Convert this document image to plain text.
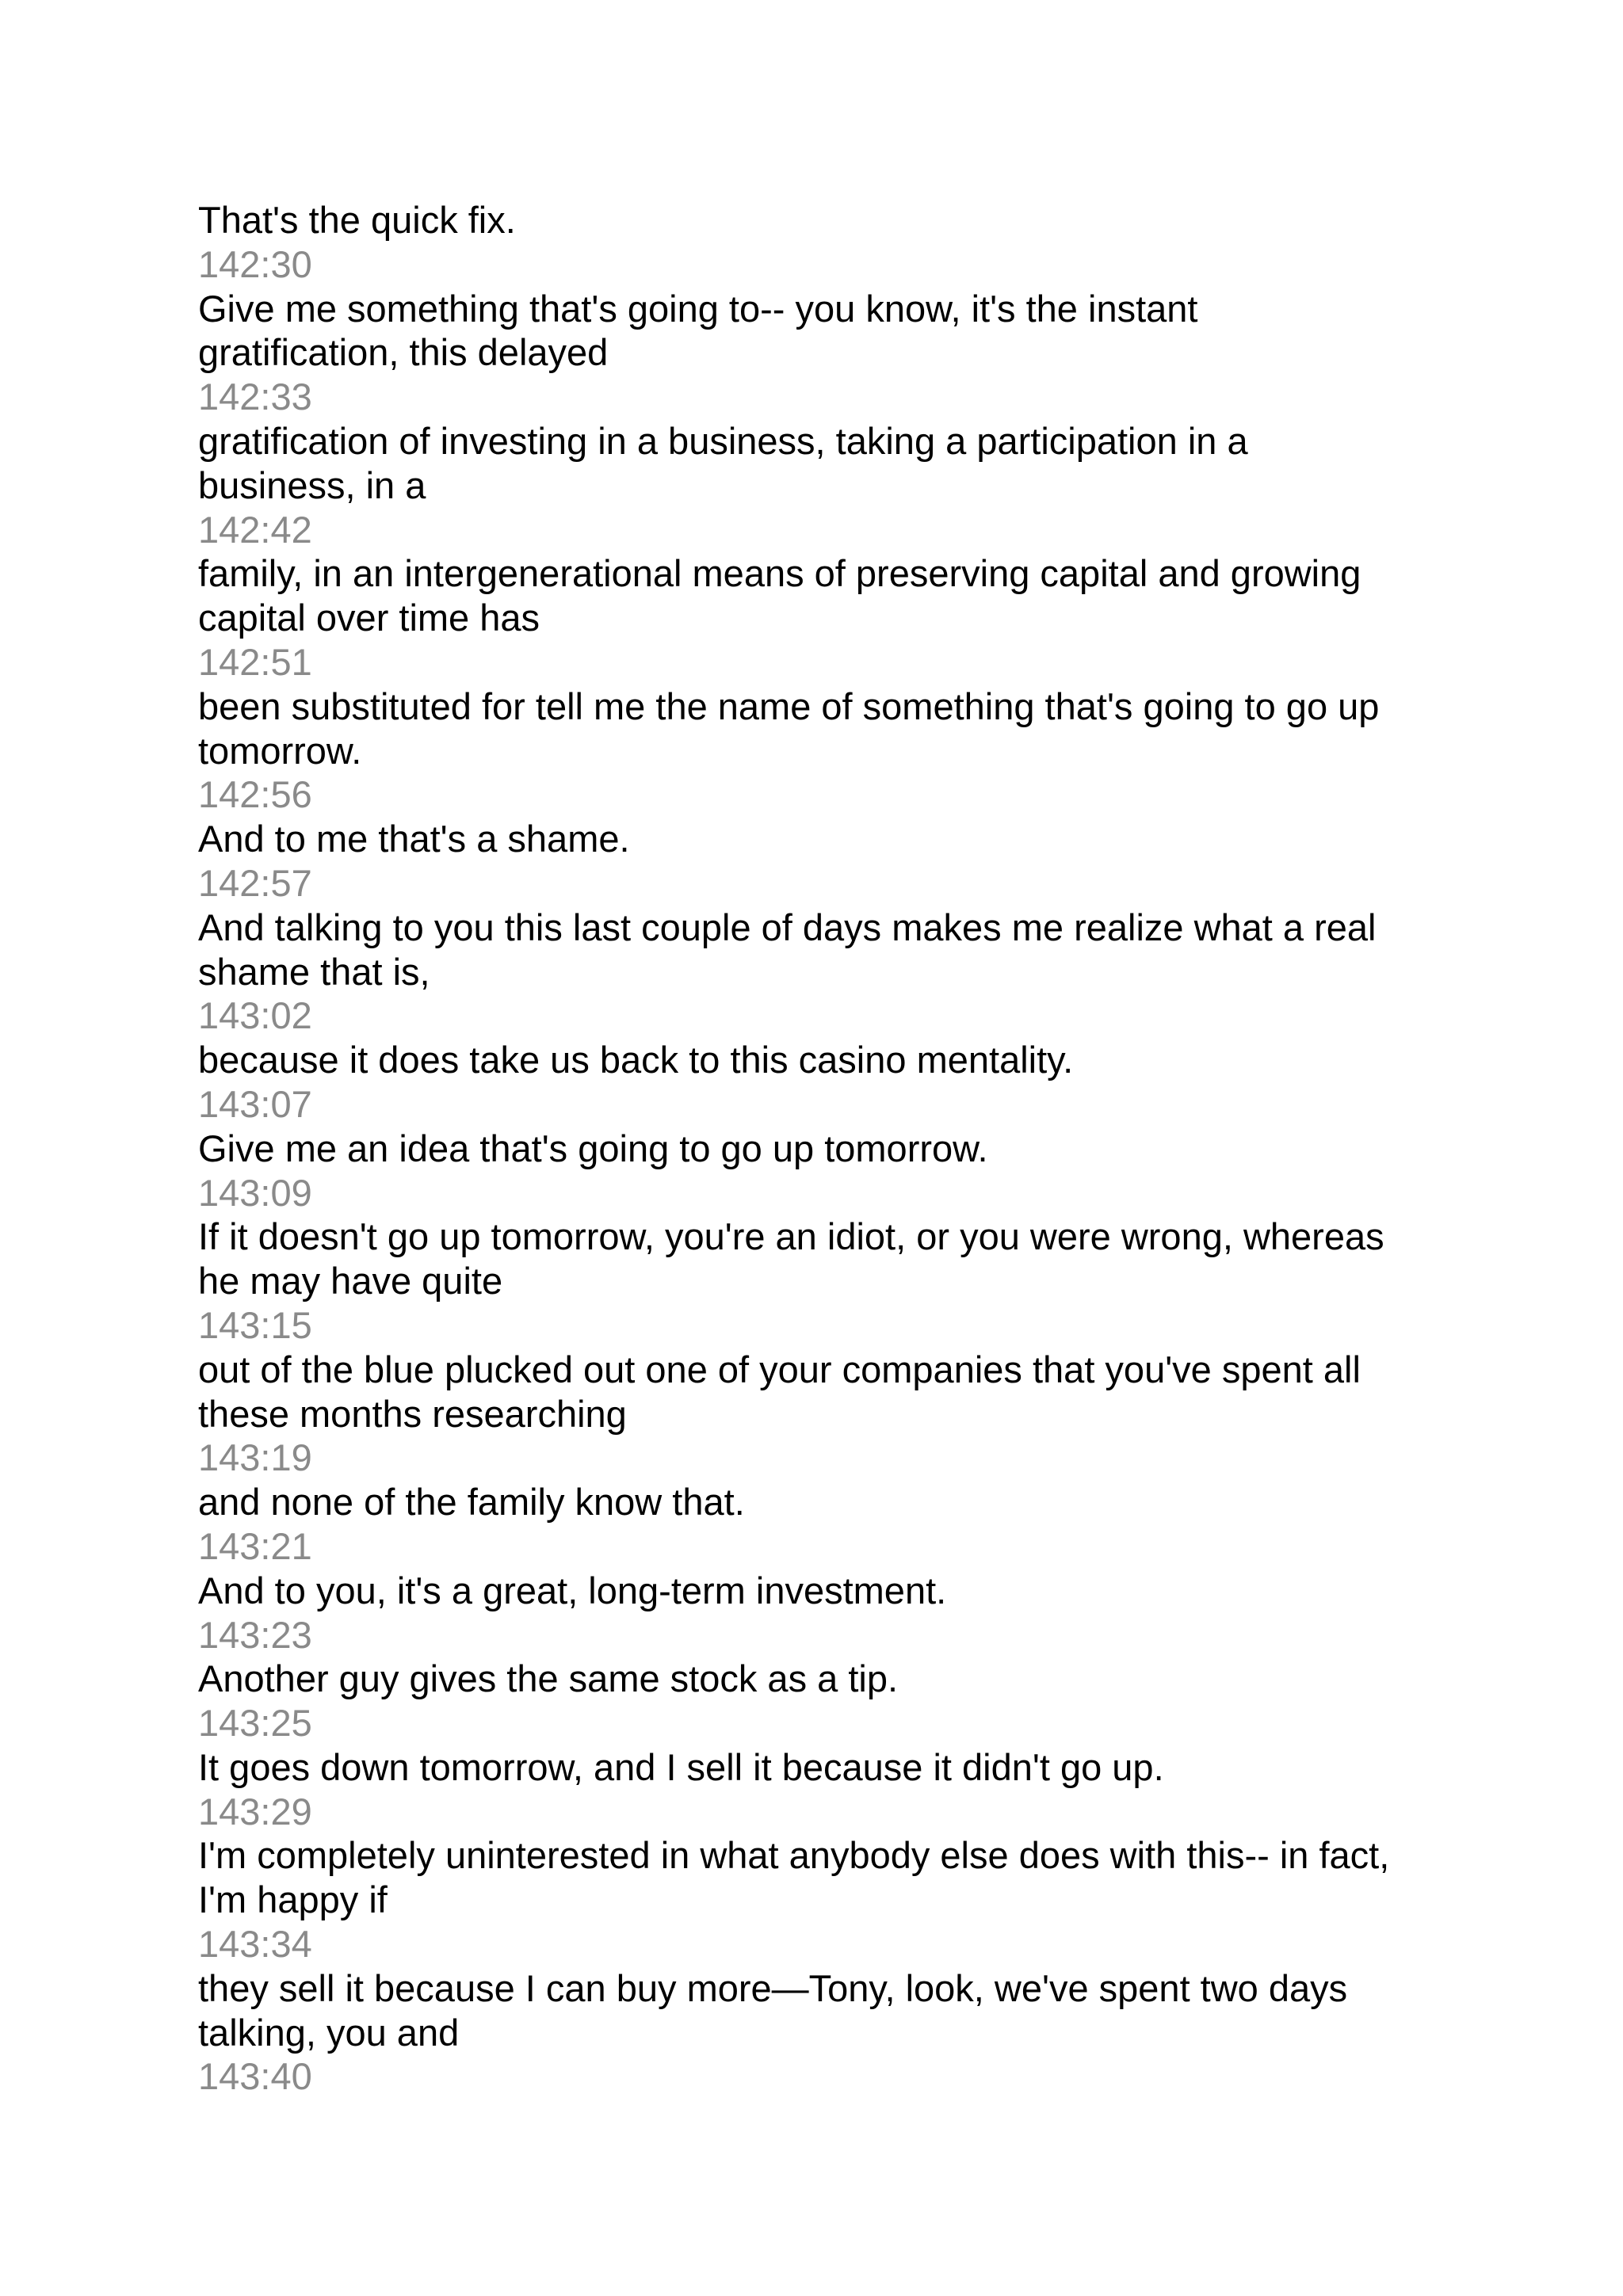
That's the quick fix.
142:30
Give me something that's going to-- you know, it's the instant
gratification, this delayed
142:33
gratification of investing in a business, taking a participation in a
business, in a
142:42
family, in an intergenerational means of preserving capital and growing
capital over time has
142:51
been substituted for tell me the name of something that's going to go up
tomorrow.
142:56
And to me that's a shame.
142:57
And talking to you this last couple of days makes me realize what a real
shame that is,
143:02
because it does take us back to this casino mentality.
143:07
Give me an idea that's going to go up tomorrow.
143:09
If it doesn't go up tomorrow, you're an idiot, or you were wrong, whereas
he may have quite
143:15
out of the blue plucked out one of your companies that you've spent all
these months researching
143:19
and none of the family know that.
143:21
And to you, it's a great, long-term investment.
143:23
Another guy gives the same stock as a tip.
143:25
It goes down tomorrow, and I sell it because it didn't go up.
143:29
I'm completely uninterested in what anybody else does with this-- in fact,
I'm happy if
143:34
they sell it because I can buy more—Tony, look, we've spent two days
talking, you and
143:40
